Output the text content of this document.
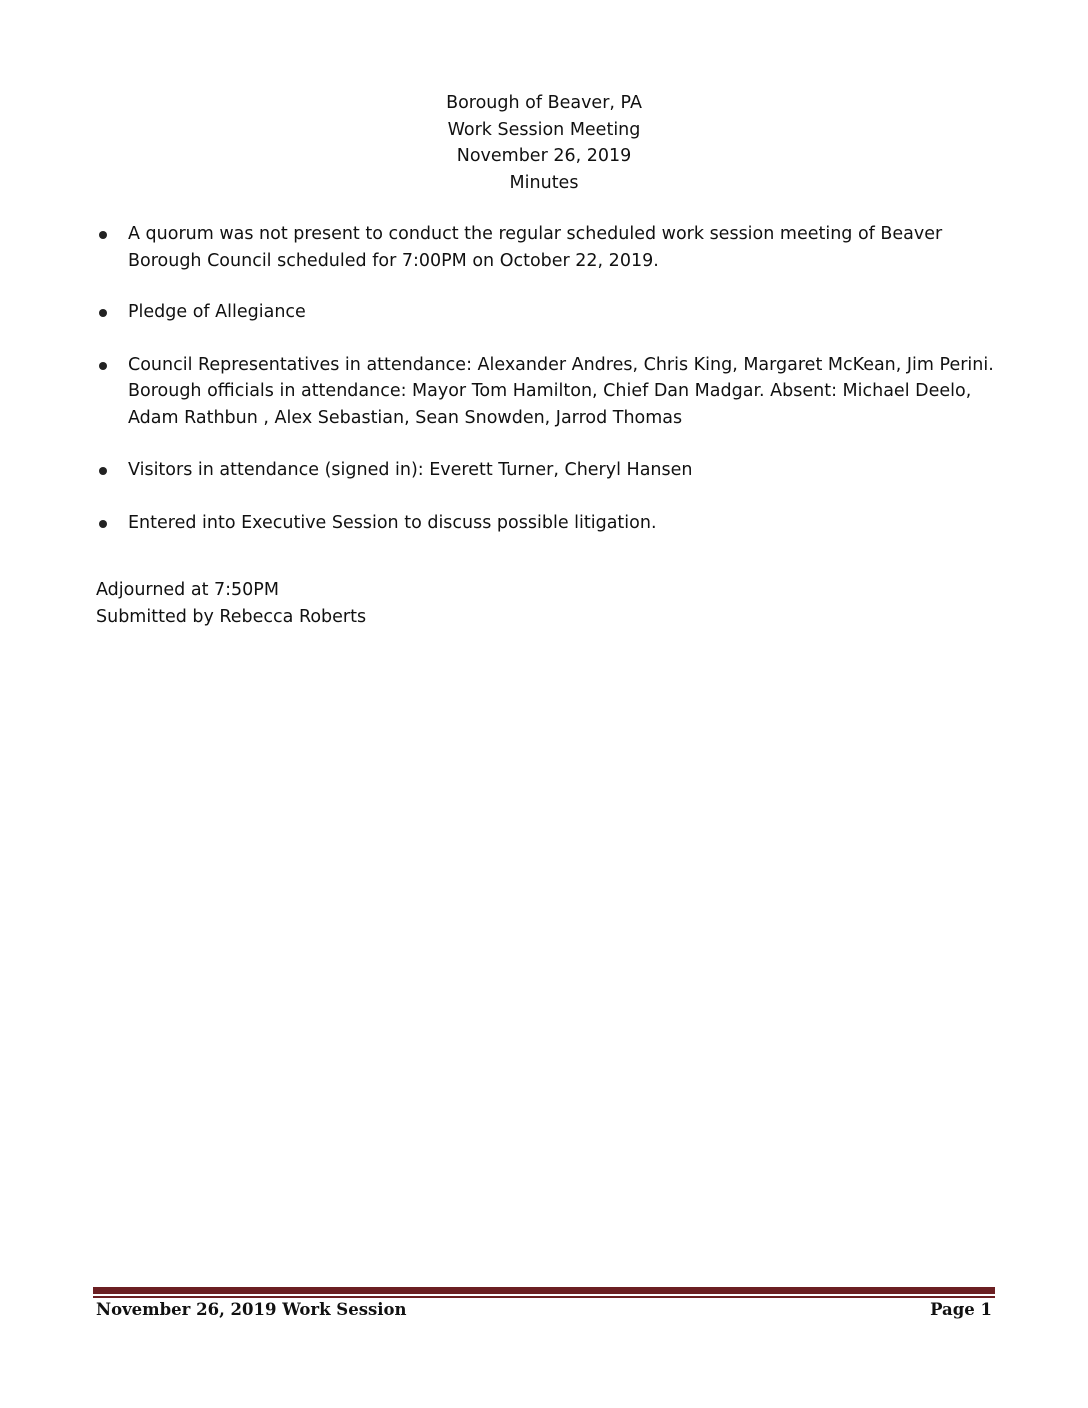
Borough of Beaver, PA
Work Session Meeting
November 26, 2019
Minutes
A quorum was not present to conduct the regular scheduled work session meeting of Beaver
Borough Council scheduled for 7:00PM on October 22, 2019.
Pledge of Allegiance
Council Representatives in attendance: Alexander Andres, Chris King, Margaret McKean, Jim Perini.
Borough officials in attendance: Mayor Tom Hamilton, Chief Dan Madgar. Absent: Michael Deelo,
Adam Rathbun , Alex Sebastian, Sean Snowden, Jarrod Thomas
Visitors in attendance (signed in): Everett Turner, Cheryl Hansen
Entered into Executive Session to discuss possible litigation.
Adjourned at 7:50PM
Submitted by Rebecca Roberts
November 26, 2019 Work Session	Page 1
